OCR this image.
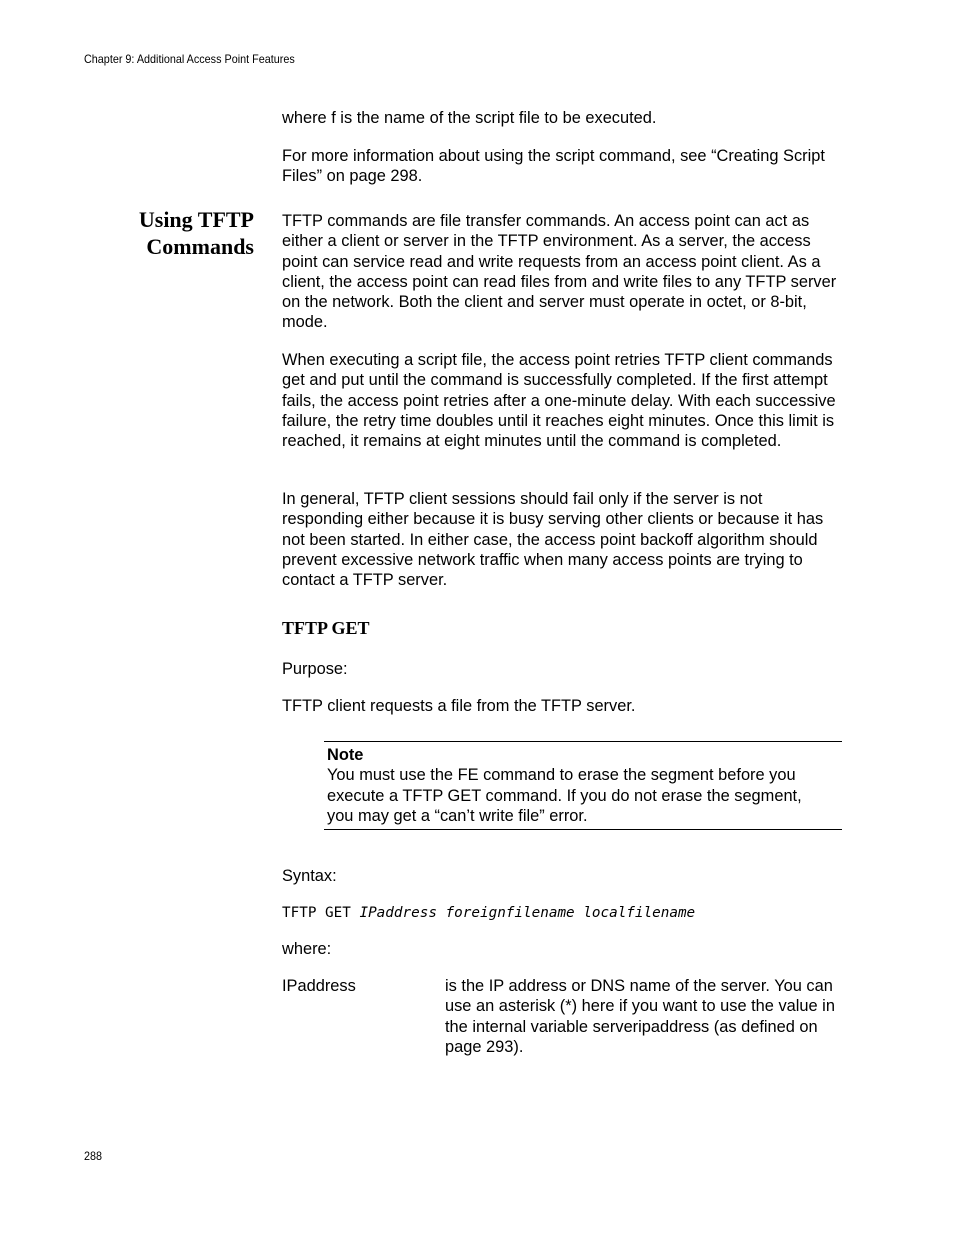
Chapter 9: Additional Access Point Features

where f is the name of the script file to be executed.

For more information about using the script command, see “Creating Script Files” on page 298.

Using TFTP
Commands

TFTP commands are file transfer commands. An access point can act as either a client or server in the TFTP environment. As a server, the access point can service read and write requests from an access point client. As a client, the access point can read files from and write files to any TFTP server on the network. Both the client and server must operate in octet, or 8-bit, mode.

When executing a script file, the access point retries TFTP client commands get and put until the command is successfully completed. If the first attempt fails, the access point retries after a one-minute delay. With each successive failure, the retry time doubles until it reaches eight minutes. Once this limit is reached, it remains at eight minutes until the command is completed.

In general, TFTP client sessions should fail only if the server is not responding either because it is busy serving other clients or because it has not been started. In either case, the access point backoff algorithm should prevent excessive network traffic when many access points are trying to contact a TFTP server.

TFTP GET

Purpose:

TFTP client requests a file from the TFTP server.

Note
You must use the FE command to erase the segment before you execute a TFTP GET command. If you do not erase the segment, you may get a “can’t write file” error.

Syntax:

TFTP GET IPaddress foreignfilename localfilename

where:

IPaddress	is the IP address or DNS name of the server. You can use an asterisk (*) here if you want to use the value in the internal variable serveripaddress (as defined on page 293).
288
